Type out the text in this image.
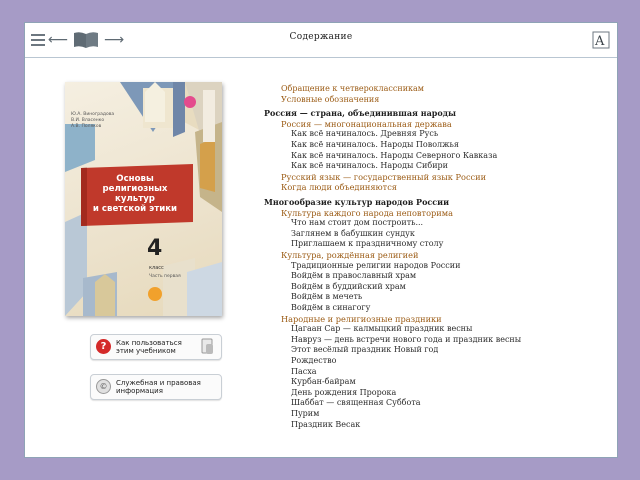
⟵	⟶	Содержание	A
Ю.А. Виноградова
В.И. Власенко
А.В. Поляков
Основы
религиозных
культур
и светской этики
4
класс
Часть первая
?	Как пользоваться
этим учебником
©	Служебная и правовая
информация
Обращение к четвероклассникам
Условные обозначения
Россия — страна, объединившая народы
Россия — многонациональная держава
Как всё начиналось. Древняя Русь
Как всё начиналось. Народы Поволжья
Как всё начиналось. Народы Северного Кавказа
Как всё начиналось. Народы Сибири
Русский язык — государственный язык России
Когда люди объединяются
Многообразие культур народов России
Культура каждого народа неповторима
Что нам стоит дом построить...
Заглянем в бабушкин сундук
Приглашаем к праздничному столу
Культура, рождённая религией
Традиционные религии народов России
Войдём в православный храм
Войдём в буддийский храм
Войдём в мечеть
Войдём в синагогу
Народные и религиозные праздники
Цагаан Сар — калмыцкий праздник весны
Навруз — день встречи нового года и праздник весны
Этот весёлый праздник Новый год
Рождество
Пасха
Курбан-байрам
День рождения Пророка
Шаббат — священная Суббота
Пурим
Праздник Весак
